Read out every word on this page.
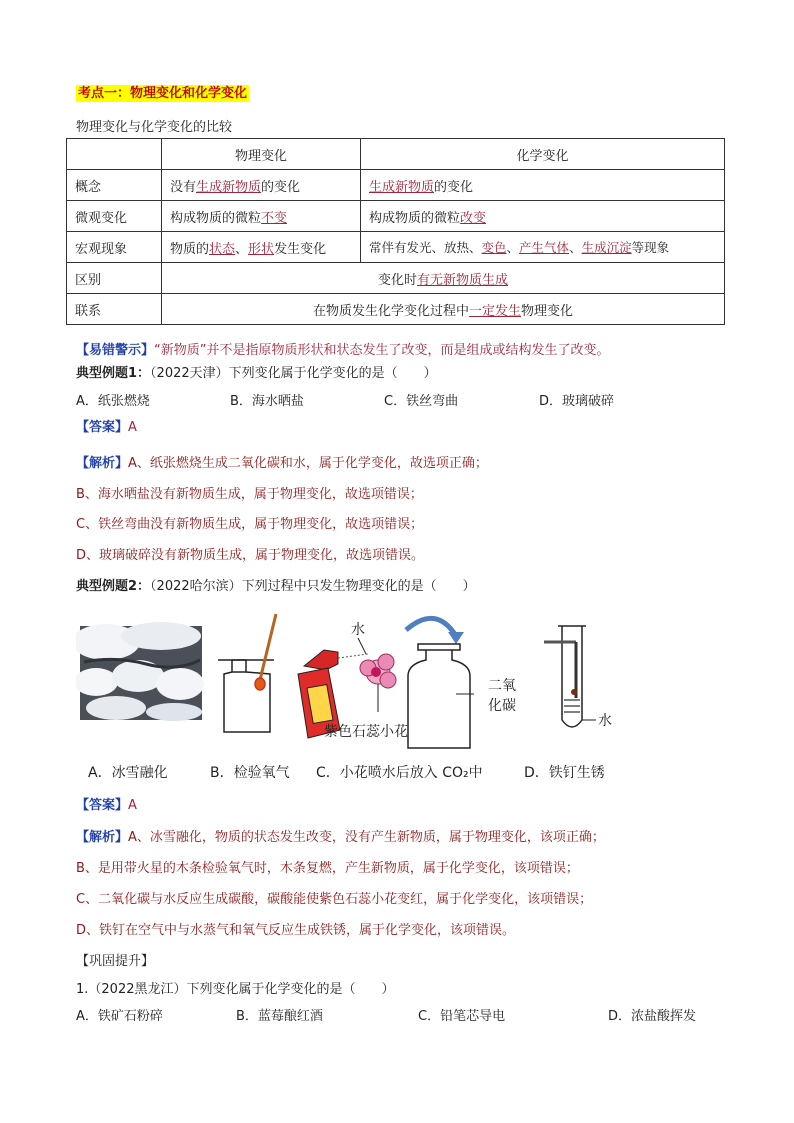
考点一：物理变化和化学变化
物理变化与化学变化的比较
	物理变化	化学变化
概念	没有生成新物质的变化	生成新物质的变化
微观变化	构成物质的微粒不变	构成物质的微粒改变
宏观现象	物质的状态、形状发生变化	常伴有发光、放热、变色、产生气体、生成沉淀等现象
区别	变化时有无新物质生成	
联系	在物质发生化学变化过程中一定发生物理变化	
【易错警示】“新物质”并不是指原物质形状和状态发生了改变，而是组成或结构发生了改变。
典型例题1：（2022天津）下列变化属于化学变化的是（　　）
A．纸张燃烧	B．海水晒盐	C．铁丝弯曲	D．玻璃破碎
【答案】A
【解析】A、纸张燃烧生成二氧化碳和水，属于化学变化，故选项正确；
B、海水晒盐没有新物质生成，属于物理变化，故选项错误；
C、铁丝弯曲没有新物质生成，属于物理变化，故选项错误；
D、玻璃破碎没有新物质生成，属于物理变化，故选项错误。
典型例题2：（2022哈尔滨）下列过程中只发生物理变化的是（　　）
水
紫色石蕊小花
二氧
化碳
水
A．冰雪融化	B．检验氧气 C．小花喷水后放入 CO₂中	D．铁钉生锈
【答案】A
【解析】A、冰雪融化，物质的状态发生改变，没有产生新物质，属于物理变化，该项正确；
B、是用带火星的木条检验氧气时，木条复燃，产生新物质，属于化学变化，该项错误；
C、二氧化碳与水反应生成碳酸，碳酸能使紫色石蕊小花变红，属于化学变化，该项错误；
D、铁钉在空气中与水蒸气和氧气反应生成铁锈，属于化学变化，该项错误。
【巩固提升】
1.（2022黑龙江）下列变化属于化学变化的是（　　）
A．铁矿石粉碎	B．蓝莓酿红酒	C．铅笔芯导电	D．浓盐酸挥发
